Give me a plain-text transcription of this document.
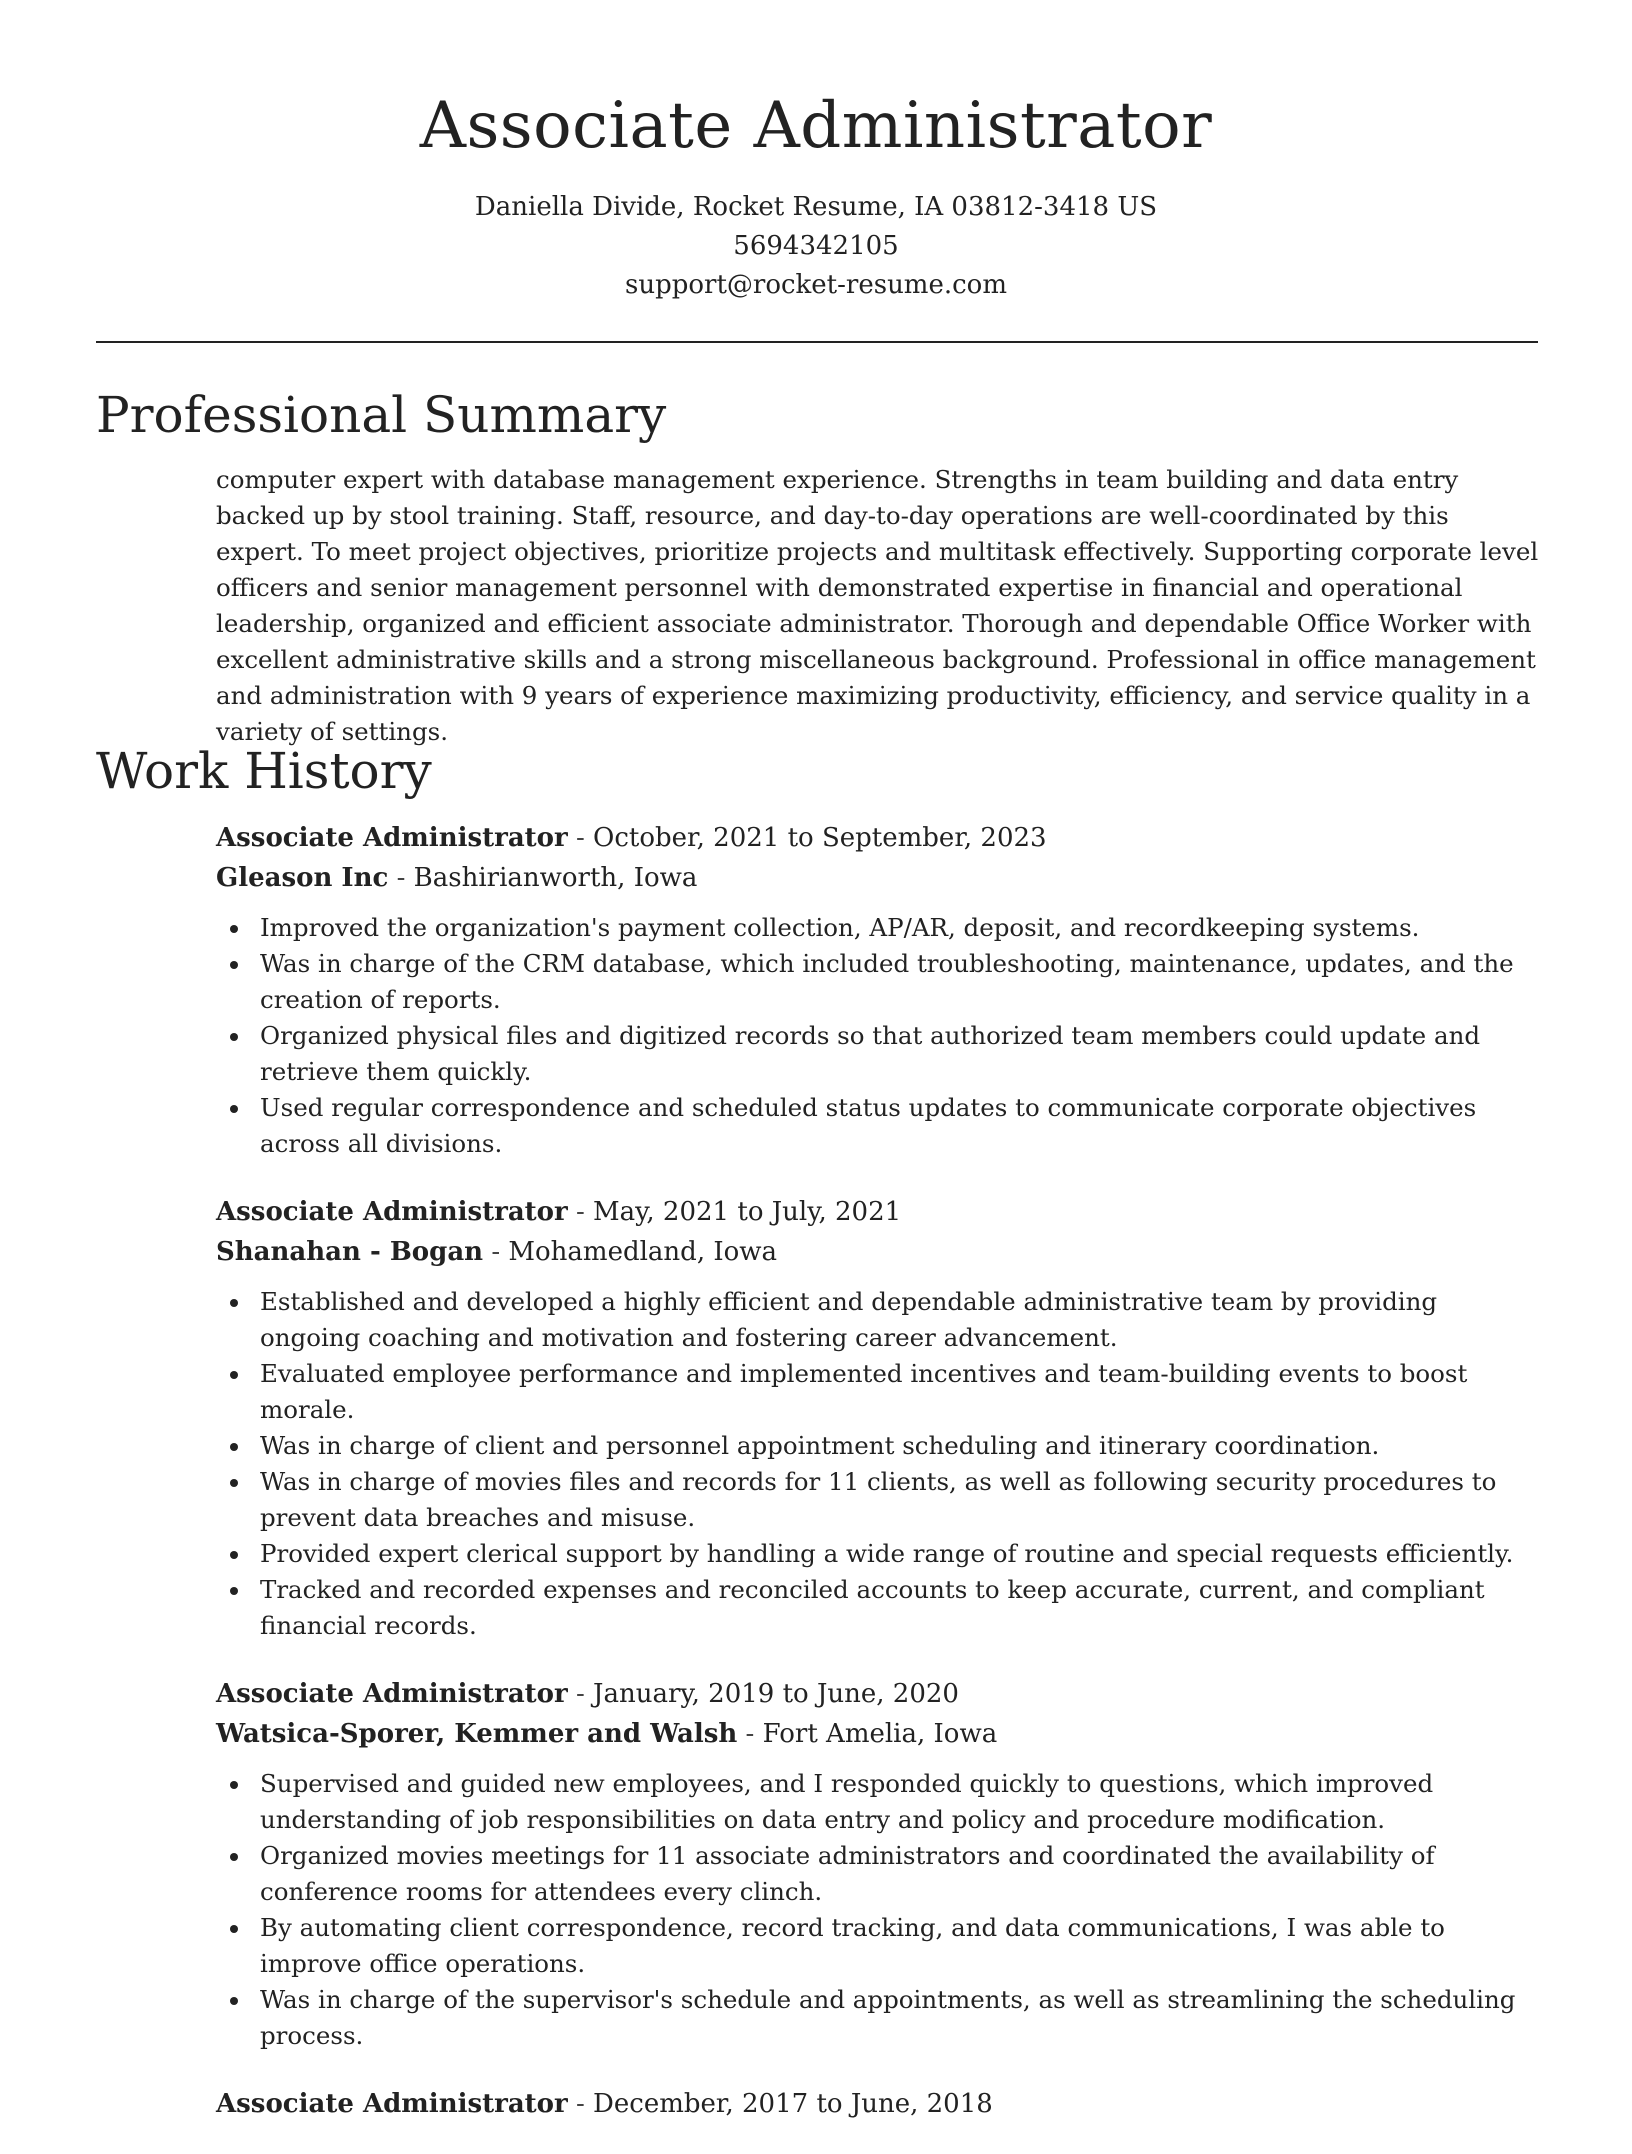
Associate Administrator
Daniella Divide, Rocket Resume, IA 03812-3418 US
5694342105
support@rocket-resume.com
Professional Summary

computer expert with database management experience. Strengths in team building and data entry backed up by stool training. Staff, resource, and day-to-day operations are well-coordinated by this expert. To meet project objectives, prioritize projects and multitask effectively. Supporting corporate level officers and senior management personnel with demonstrated expertise in financial and operational leadership, organized and efficient associate administrator. Thorough and dependable Office Worker with excellent administrative skills and a strong miscellaneous background. Professional in office management and administration with 9 years of experience maximizing productivity, efficiency, and service quality in a variety of settings.

Work History

Associate Administrator - October, 2021 to September, 2023

Gleason Inc - Bashirianworth, Iowa

Improved the organization's payment collection, AP/AR, deposit, and recordkeeping systems.
Was in charge of the CRM database, which included troubleshooting, maintenance, updates, and the creation of reports.
Organized physical files and digitized records so that authorized team members could update and retrieve them quickly.
Used regular correspondence and scheduled status updates to communicate corporate objectives across all divisions.

Associate Administrator - May, 2021 to July, 2021

Shanahan - Bogan - Mohamedland, Iowa

Established and developed a highly efficient and dependable administrative team by providing ongoing coaching and motivation and fostering career advancement.
Evaluated employee performance and implemented incentives and team-building events to boost morale.
Was in charge of client and personnel appointment scheduling and itinerary coordination.
Was in charge of movies files and records for 11 clients, as well as following security procedures to prevent data breaches and misuse.
Provided expert clerical support by handling a wide range of routine and special requests efficiently.
Tracked and recorded expenses and reconciled accounts to keep accurate, current, and compliant financial records.

Associate Administrator - January, 2019 to June, 2020

Watsica-Sporer, Kemmer and Walsh - Fort Amelia, Iowa

Supervised and guided new employees, and I responded quickly to questions, which improved understanding of job responsibilities on data entry and policy and procedure modification.
Organized movies meetings for 11 associate administrators and coordinated the availability of conference rooms for attendees every clinch.
By automating client correspondence, record tracking, and data communications, I was able to improve office operations.
Was in charge of the supervisor's schedule and appointments, as well as streamlining the scheduling process.

Associate Administrator - December, 2017 to June, 2018
